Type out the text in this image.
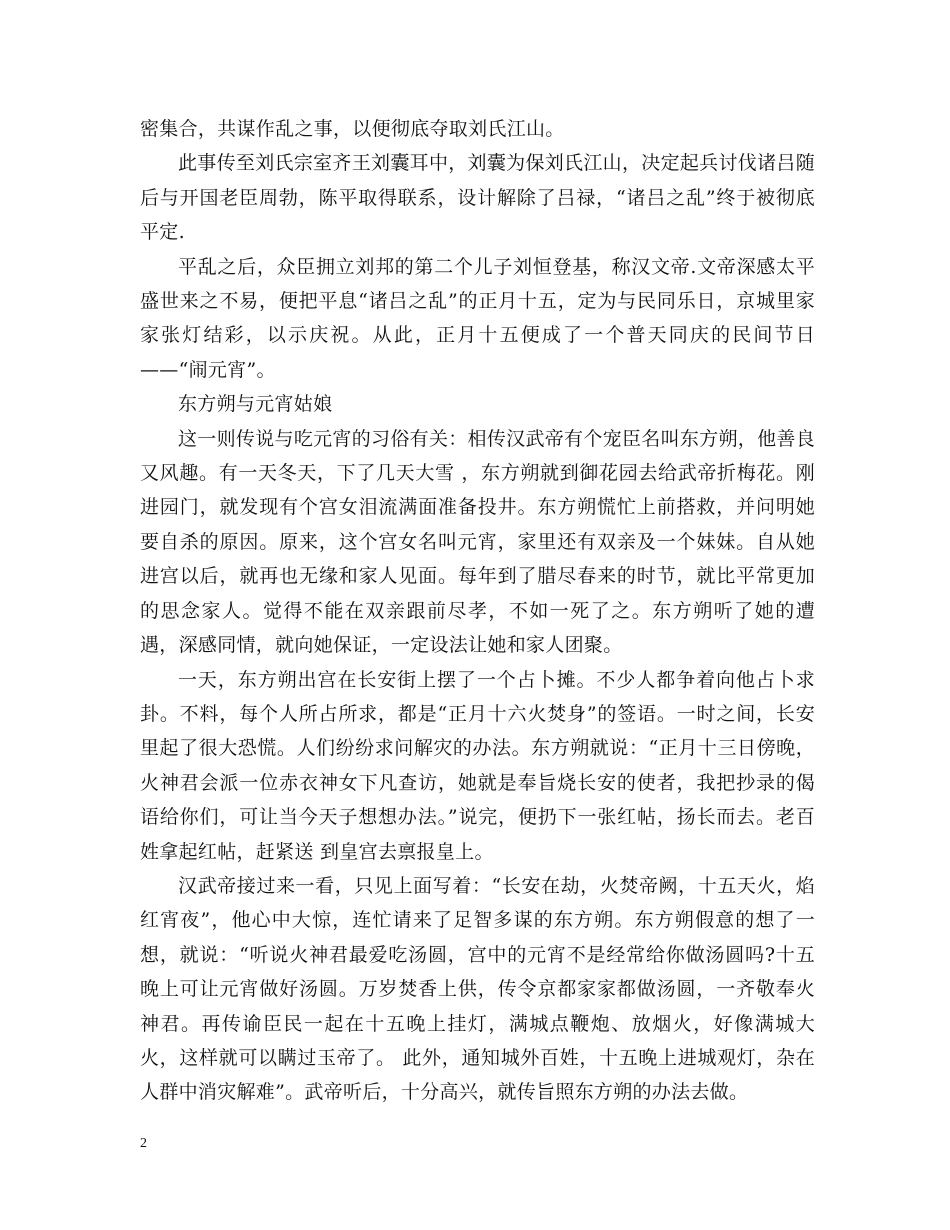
密集合，共谋作乱之事，以便彻底夺取刘氏江山。

此事传至刘氏宗室齐王刘囊耳中，刘囊为保刘氏江山，决定起兵讨伐诸吕随后与开国老臣周勃，陈平取得联系，设计解除了吕禄，“诸吕之乱”终于被彻底平定.

平乱之后，众臣拥立刘邦的第二个儿子刘恒登基，称汉文帝.文帝深感太平盛世来之不易，便把平息“诸吕之乱”的正月十五，定为与民同乐日，京城里家家张灯结彩，以示庆祝。从此，正月十五便成了一个普天同庆的民间节日——“闹元宵”。

东方朔与元宵姑娘

这一则传说与吃元宵的习俗有关：相传汉武帝有个宠臣名叫东方朔，他善良又风趣。有一天冬天，下了几天大雪 ，东方朔就到御花园去给武帝折梅花。刚进园门，就发现有个宫女泪流满面准备投井。东方朔慌忙上前搭救，并问明她要自杀的原因。原来，这个宫女名叫元宵，家里还有双亲及一个妹妹。自从她进宫以后，就再也无缘和家人见面。每年到了腊尽春来的时节，就比平常更加的思念家人。觉得不能在双亲跟前尽孝，不如一死了之。东方朔听了她的遭遇，深感同情，就向她保证，一定设法让她和家人团聚。

一天，东方朔出宫在长安街上摆了一个占卜摊。不少人都争着向他占卜求卦。不料，每个人所占所求，都是“正月十六火焚身”的签语。一时之间，长安里起了很大恐慌。人们纷纷求问解灾的办法。东方朔就说：“正月十三日傍晚，火神君会派一位赤衣神女下凡查访，她就是奉旨烧长安的使者，我把抄录的偈语给你们，可让当今天子想想办法。”说完，便扔下一张红帖，扬长而去。老百姓拿起红帖，赶紧送 到皇宫去禀报皇上。

汉武帝接过来一看，只见上面写着：“长安在劫，火焚帝阙，十五天火，焰红宵夜”，他心中大惊，连忙请来了足智多谋的东方朔。东方朔假意的想了一想，就说：“听说火神君最爱吃汤圆，宫中的元宵不是经常给你做汤圆吗?十五晚上可让元宵做好汤圆。万岁焚香上供，传令京都家家都做汤圆，一齐敬奉火神君。再传谕臣民一起在十五晚上挂灯，满城点鞭炮、放烟火，好像满城大火，这样就可以瞒过玉帝了。 此外，通知城外百姓，十五晚上进城观灯，杂在人群中消灾解难”。武帝听后，十分高兴，就传旨照东方朔的办法去做。

2
